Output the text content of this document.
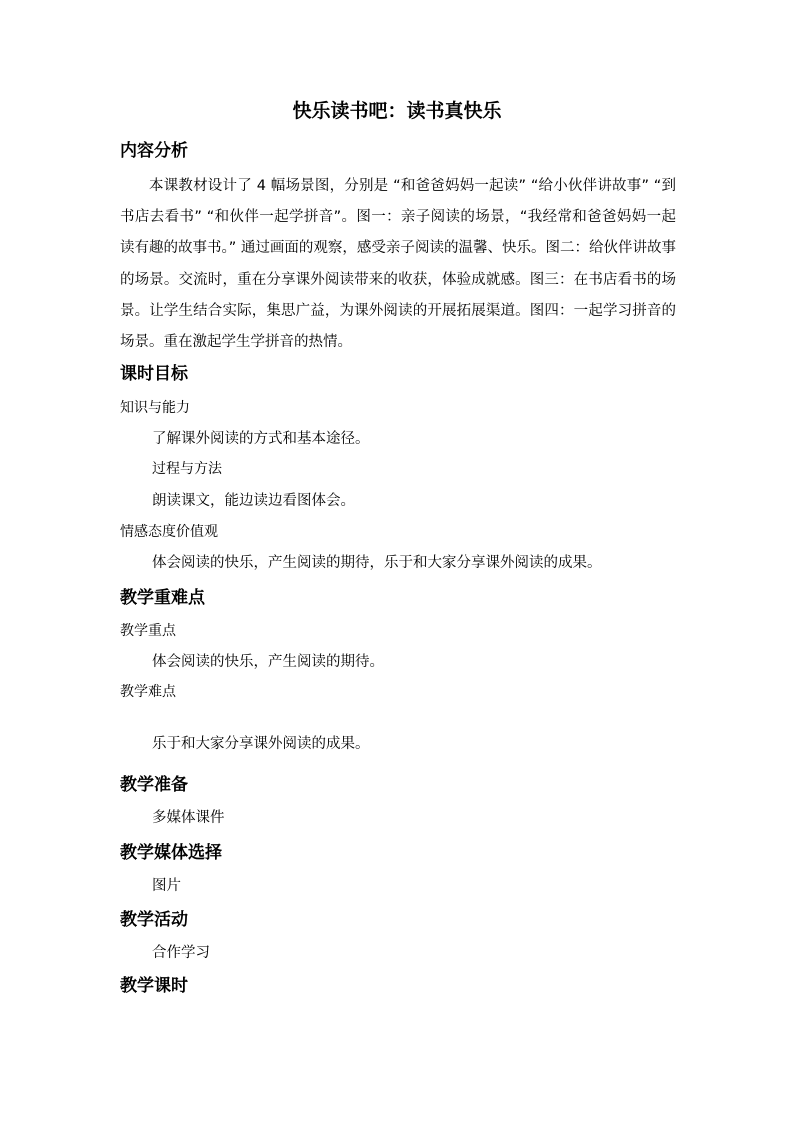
快乐读书吧：读书真快乐
内容分析
本课教材设计了 4 幅场景图，分别是 “和爸爸妈妈一起读” “给小伙伴讲故事” “到书店去看书” “和伙伴一起学拼音”。图一：亲子阅读的场景，“我经常和爸爸妈妈一起读有趣的故事书。” 通过画面的观察，感受亲子阅读的温馨、快乐。图二：给伙伴讲故事的场景。交流时，重在分享课外阅读带来的收获，体验成就感。图三：在书店看书的场景。让学生结合实际，集思广益，为课外阅读的开展拓展渠道。图四：一起学习拼音的场景。重在激起学生学拼音的热情。
课时目标
知识与能力
了解课外阅读的方式和基本途径。
过程与方法
朗读课文，能边读边看图体会。
情感态度价值观
体会阅读的快乐，产生阅读的期待，乐于和大家分享课外阅读的成果。
教学重难点
教学重点
体会阅读的快乐，产生阅读的期待。
教学难点
乐于和大家分享课外阅读的成果。
教学准备
多媒体课件
教学媒体选择
图片
教学活动
合作学习
教学课时
